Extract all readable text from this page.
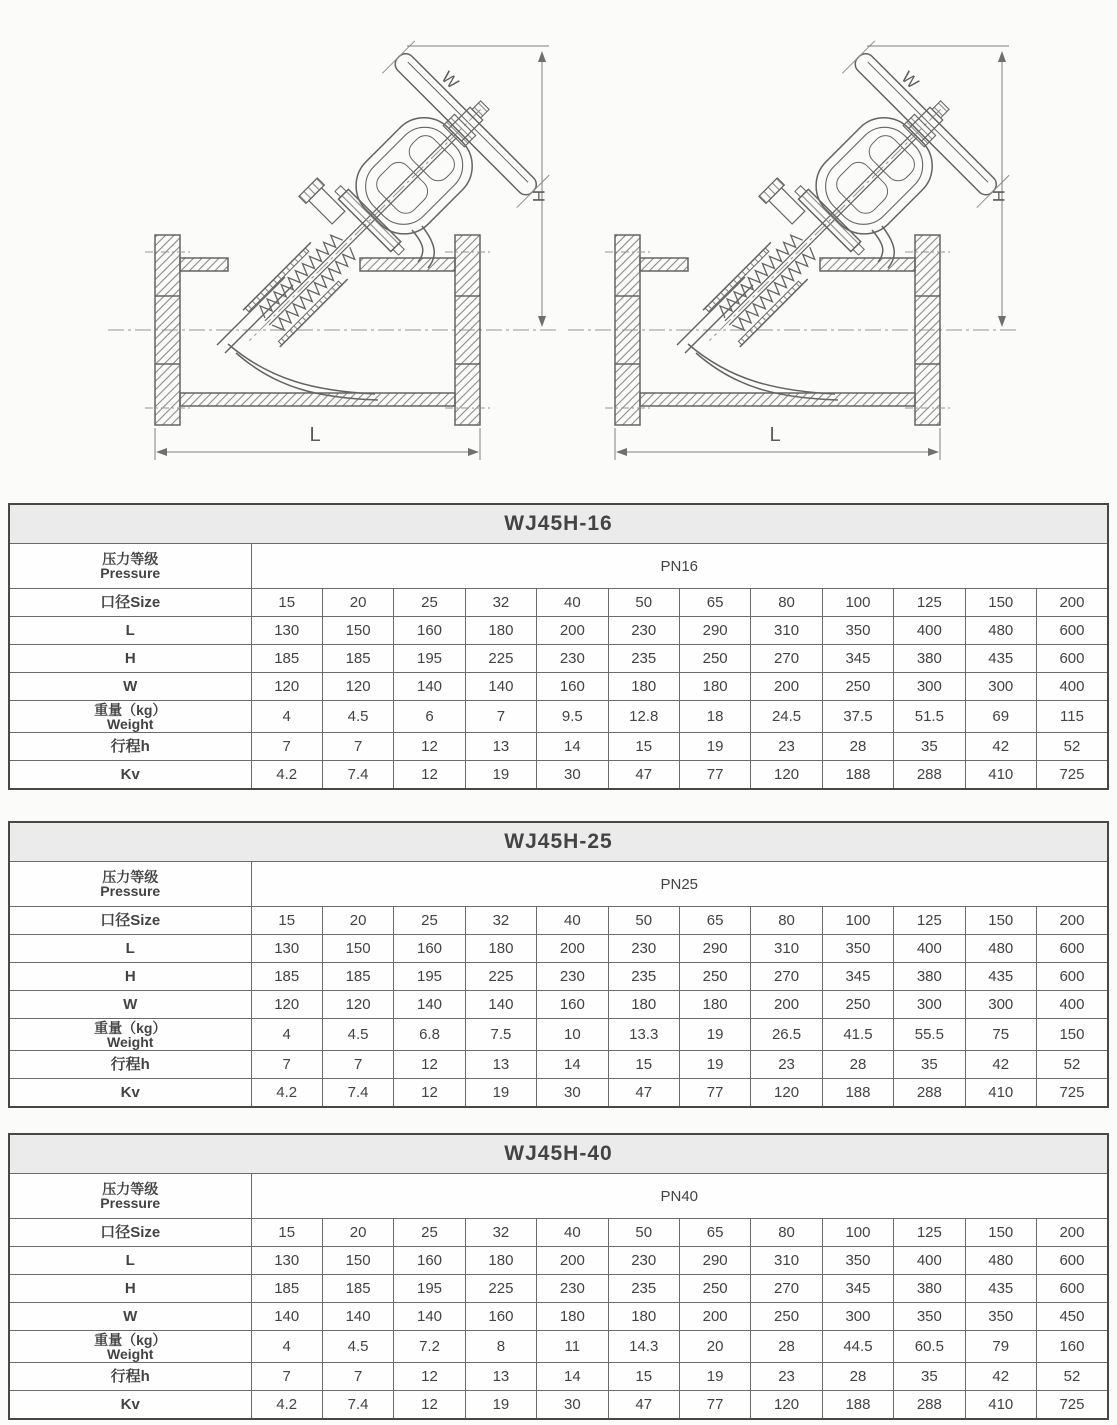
W
H
L
W
H
L
WJ45H-16												

压力等级
Pressure	PN16											

口径Size	15	20	25	32	40	50	65	80	100	125	150	200

L	130	150	160	180	200	230	290	310	350	400	480	600

H	185	185	195	225	230	235	250	270	345	380	435	600

W	120	120	140	140	160	180	180	200	250	300	300	400

重量（kg）
Weight	4	4.5	6	7	9.5	12.8	18	24.5	37.5	51.5	69	115

行程h	7	7	12	13	14	15	19	23	28	35	42	52

Kv	4.2	7.4	12	19	30	47	77	120	188	288	410	725
WJ45H-25												

压力等级
Pressure	PN25											

口径Size	15	20	25	32	40	50	65	80	100	125	150	200

L	130	150	160	180	200	230	290	310	350	400	480	600

H	185	185	195	225	230	235	250	270	345	380	435	600

W	120	120	140	140	160	180	180	200	250	300	300	400

重量（kg）
Weight	4	4.5	6.8	7.5	10	13.3	19	26.5	41.5	55.5	75	150

行程h	7	7	12	13	14	15	19	23	28	35	42	52

Kv	4.2	7.4	12	19	30	47	77	120	188	288	410	725
WJ45H-40												

压力等级
Pressure	PN40											

口径Size	15	20	25	32	40	50	65	80	100	125	150	200

L	130	150	160	180	200	230	290	310	350	400	480	600

H	185	185	195	225	230	235	250	270	345	380	435	600

W	140	140	140	160	180	180	200	250	300	350	350	450

重量（kg）
Weight	4	4.5	7.2	8	11	14.3	20	28	44.5	60.5	79	160

行程h	7	7	12	13	14	15	19	23	28	35	42	52

Kv	4.2	7.4	12	19	30	47	77	120	188	288	410	725
